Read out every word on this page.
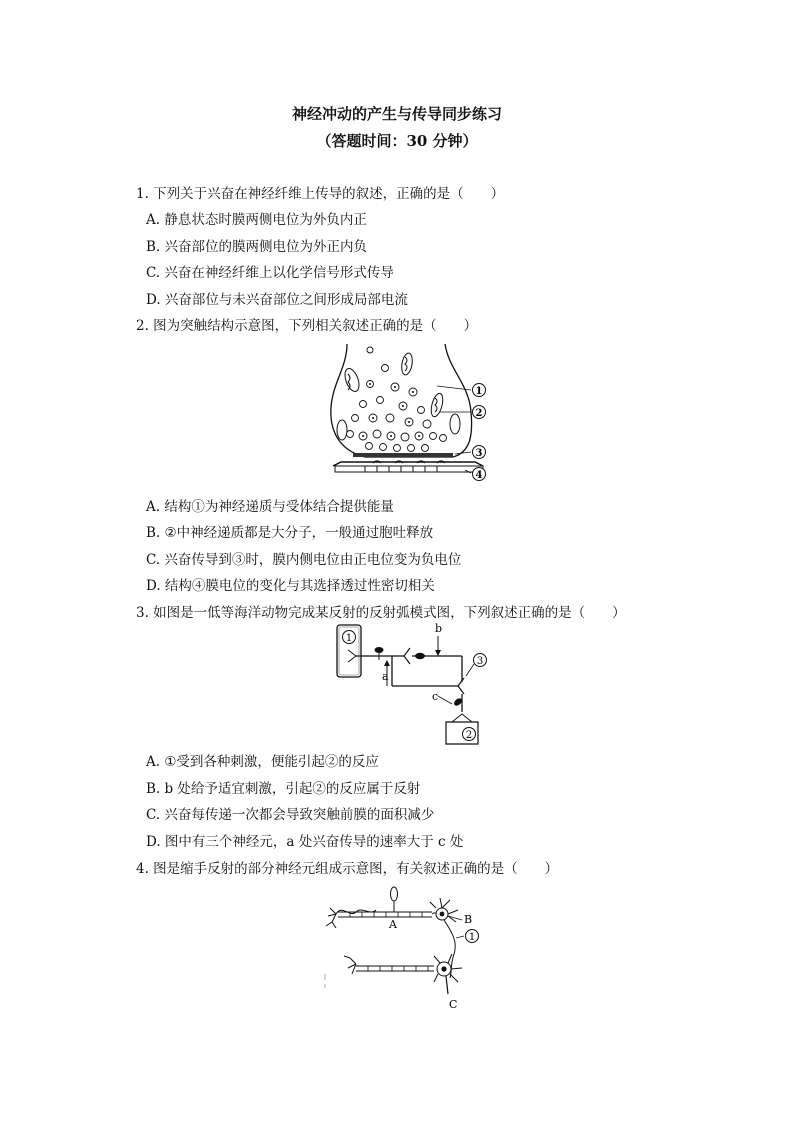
神经冲动的产生与传导同步练习
（答题时间：30 分钟）
1. 下列关于兴奋在神经纤维上传导的叙述，正确的是（　　）
A. 静息状态时膜两侧电位为外负内正
B. 兴奋部位的膜两侧电位为外正内负
C. 兴奋在神经纤维上以化学信号形式传导
D. 兴奋部位与未兴奋部位之间形成局部电流
2. 图为突触结构示意图，下列相关叙述正确的是（　　）
1
2
3
4
A. 结构①为神经递质与受体结合提供能量
B. ②中神经递质都是大分子，一般通过胞吐释放
C. 兴奋传导到③时，膜内侧电位由正电位变为负电位
D. 结构④膜电位的变化与其选择透过性密切相关
3. 如图是一低等海洋动物完成某反射的反射弧模式图，下列叙述正确的是（　　）
1
a
b
3
c
2
A. ①受到各种刺激，便能引起②的反应
B. b 处给予适宜刺激，引起②的反应属于反射
C. 兴奋每传递一次都会导致突触前膜的面积减少
D. 图中有三个神经元，a 处兴奋传导的速率大于 c 处
4. 图是缩手反射的部分神经元组成示意图，有关叙述正确的是（　　）
A	B
1
C
